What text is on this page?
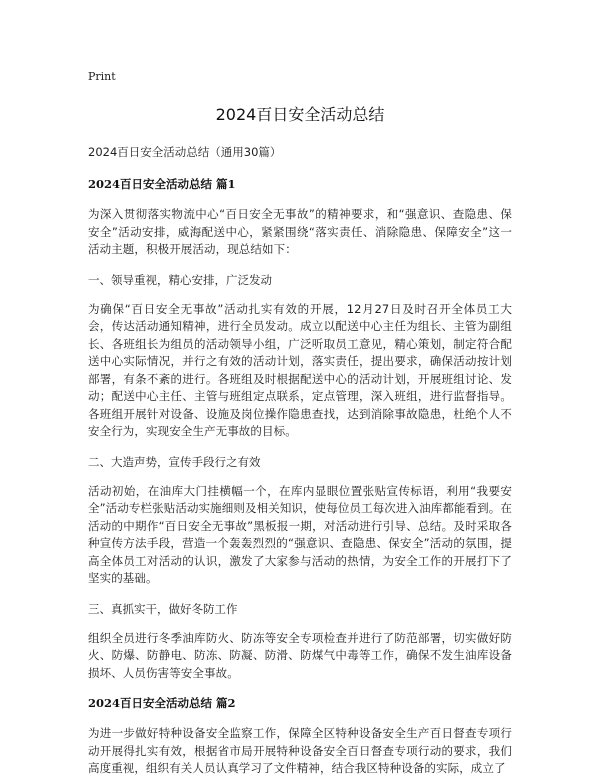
Print
2024百日安全活动总结

2024百日安全活动总结（通用30篇）

2024百日安全活动总结 篇1

为深入贯彻落实物流中心“百日安全无事故”的精神要求，和“强意识、查隐患、保安全”活动安排，威海配送中心，紧紧围绕“落实责任、消除隐患、保障安全”这一活动主题，积极开展活动，现总结如下：

一、领导重视，精心安排，广泛发动

为确保“百日安全无事故”活动扎实有效的开展，12月27日及时召开全体员工大会，传达活动通知精神，进行全员发动。成立以配送中心主任为组长、主管为副组长、各班组长为组员的活动领导小组，广泛听取员工意见，精心策划，制定符合配送中心实际情况，并行之有效的活动计划，落实责任，提出要求，确保活动按计划部署，有条不紊的进行。各班组及时根据配送中心的活动计划，开展班组讨论、发动；配送中心主任、主管与班组定点联系，定点管理，深入班组，进行监督指导。各班组开展针对设备、设施及岗位操作隐患查找，达到消除事故隐患，杜绝个人不安全行为，实现安全生产无事故的目标。

二、大造声势，宣传手段行之有效

活动初始，在油库大门挂横幅一个，在库内显眼位置张贴宣传标语，利用“我要安全”活动专栏张贴活动实施细则及相关知识，使每位员工每次进入油库都能看到。在活动的中期作“百日安全无事故”黑板报一期，对活动进行引导、总结。及时采取各种宣传方法手段，营造一个轰轰烈烈的“强意识、查隐患、保安全”活动的氛围，提高全体员工对活动的认识，激发了大家参与活动的热情，为安全工作的开展打下了坚实的基础。

三、真抓实干，做好冬防工作

组织全员进行冬季油库防火、防冻等安全专项检查并进行了防范部署，切实做好防火、防爆、防静电、防冻、防凝、防滑、防煤气中毒等工作，确保不发生油库设备损坏、人员伤害等安全事故。

2024百日安全活动总结 篇2

为进一步做好特种设备安全监察工作，保障全区特种设备安全生产百日督查专项行动开展得扎实有效，根据省市局开展特种设备安全百日督查专项行动的要求，我们高度重视，组织有关人员认真学习了文件精神，结合我区特种设备的实际，成立了
